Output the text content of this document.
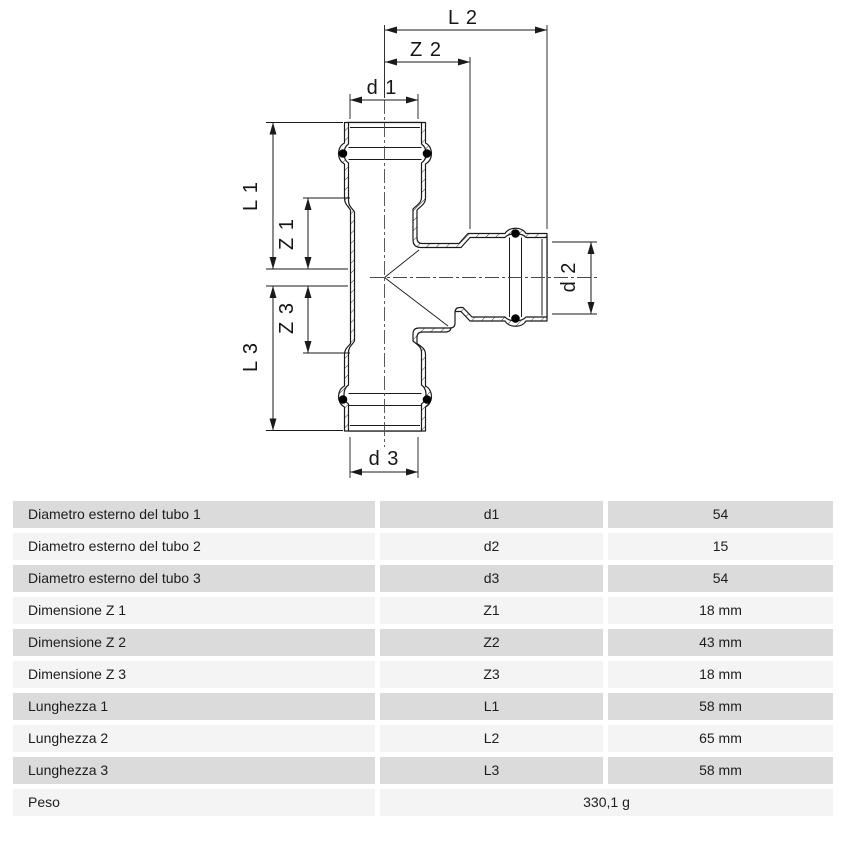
L 2
Z 2
d 1
d 3
L 1
Z 1
Z 3
L 3
d 2
Diametro esterno del tubo 1	d1	54
Diametro esterno del tubo 2	d2	15
Diametro esterno del tubo 3	d3	54
Dimensione Z 1	Z1	18 mm
Dimensione Z 2	Z2	43 mm
Dimensione Z 3	Z3	18 mm
Lunghezza 1	L1	58 mm
Lunghezza 2	L2	65 mm
Lunghezza 3	L3	58 mm
Peso	330,1 g
